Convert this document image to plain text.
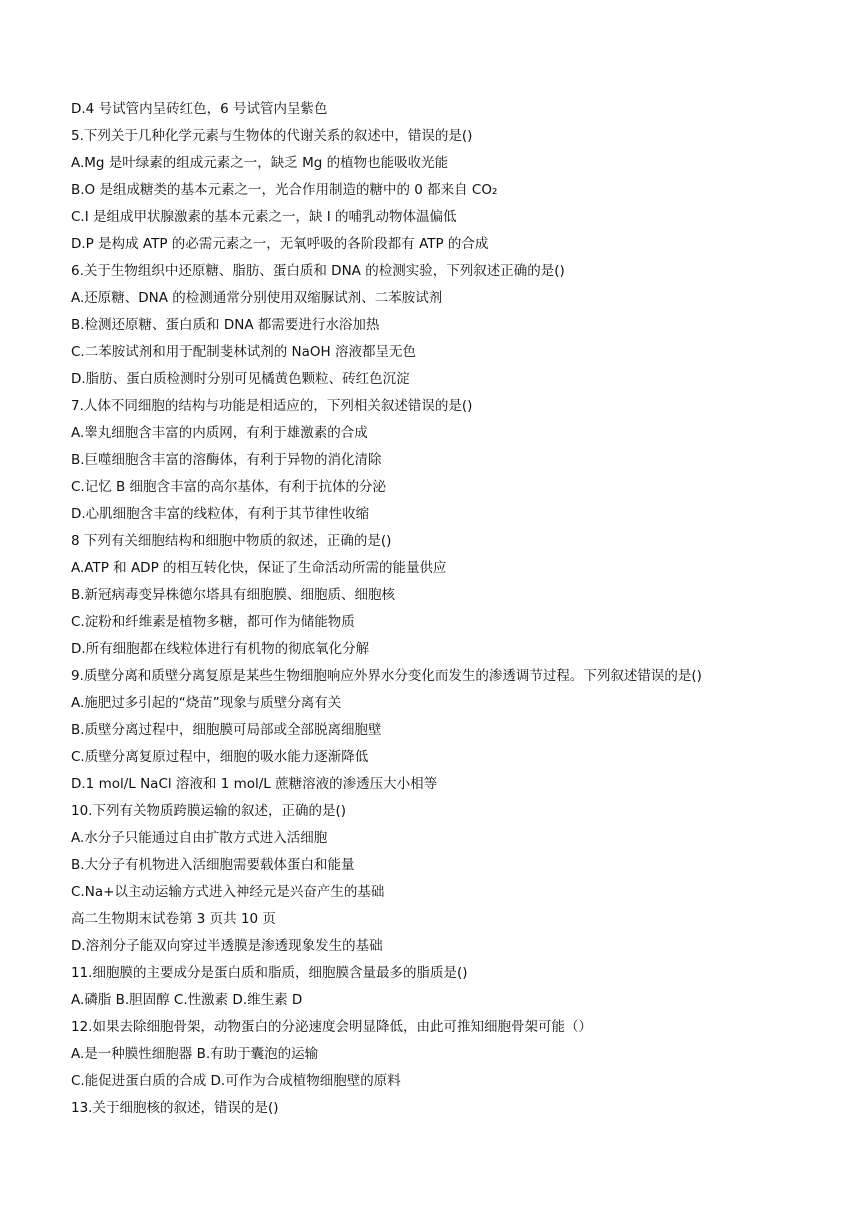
D.4 号试管内呈砖红色，6 号试管内呈紫色
5.下列关于几种化学元素与生物体的代谢关系的叙述中，错误的是()
A.Mg 是叶绿素的组成元素之一，缺乏 Mg 的植物也能吸收光能
B.O 是组成糖类的基本元素之一，光合作用制造的糖中的 0 都来自 CO₂
C.I 是组成甲状腺激素的基本元素之一，缺 I 的哺乳动物体温偏低
D.P 是构成 ATP 的必需元素之一，无氧呼吸的各阶段都有 ATP 的合成
6.关于生物组织中还原糖、脂肪、蛋白质和 DNA 的检测实验，下列叙述正确的是()
A.还原糖、DNA 的检测通常分别使用双缩脲试剂、二苯胺试剂
B.检测还原糖、蛋白质和 DNA 都需要进行水浴加热
C.二苯胺试剂和用于配制斐林试剂的 NaOH 溶液都呈无色
D.脂肪、蛋白质检测时分别可见橘黄色颗粒、砖红色沉淀
7.人体不同细胞的结构与功能是相适应的，下列相关叙述错误的是()
A.睾丸细胞含丰富的内质网，有利于雄激素的合成
B.巨噬细胞含丰富的溶酶体，有利于异物的消化清除
C.记忆 B 细胞含丰富的高尔基体，有利于抗体的分泌
D.心肌细胞含丰富的线粒体，有利于其节律性收缩
8 下列有关细胞结构和细胞中物质的叙述，正确的是()
A.ATP 和 ADP 的相互转化快，保证了生命活动所需的能量供应
B.新冠病毒变异株德尔塔具有细胞膜、细胞质、细胞核
C.淀粉和纤维素是植物多糖，都可作为储能物质
D.所有细胞都在线粒体进行有机物的彻底氧化分解
9.质壁分离和质壁分离复原是某些生物细胞响应外界水分变化而发生的渗透调节过程。下列叙述错误的是()
A.施肥过多引起的“烧苗”现象与质壁分离有关
B.质壁分离过程中，细胞膜可局部或全部脱离细胞壁
C.质壁分离复原过程中，细胞的吸水能力逐渐降低
D.1 mol/L NaCl 溶液和 1 mol/L 蔗糖溶液的渗透压大小相等
10.下列有关物质跨膜运输的叙述，正确的是()
A.水分子只能通过自由扩散方式进入活细胞
B.大分子有机物进入活细胞需要载体蛋白和能量
C.Na+以主动运输方式进入神经元是兴奋产生的基础
高二生物期末试卷第 3 页共 10 页
D.溶剂分子能双向穿过半透膜是渗透现象发生的基础
11.细胞膜的主要成分是蛋白质和脂质，细胞膜含量最多的脂质是()
A.磷脂 B.胆固醇 C.性激素 D.维生素 D
12.如果去除细胞骨架，动物蛋白的分泌速度会明显降低，由此可推知细胞骨架可能（）
A.是一种膜性细胞器 B.有助于囊泡的运输
C.能促进蛋白质的合成 D.可作为合成植物细胞壁的原料
13.关于细胞核的叙述，错误的是()
